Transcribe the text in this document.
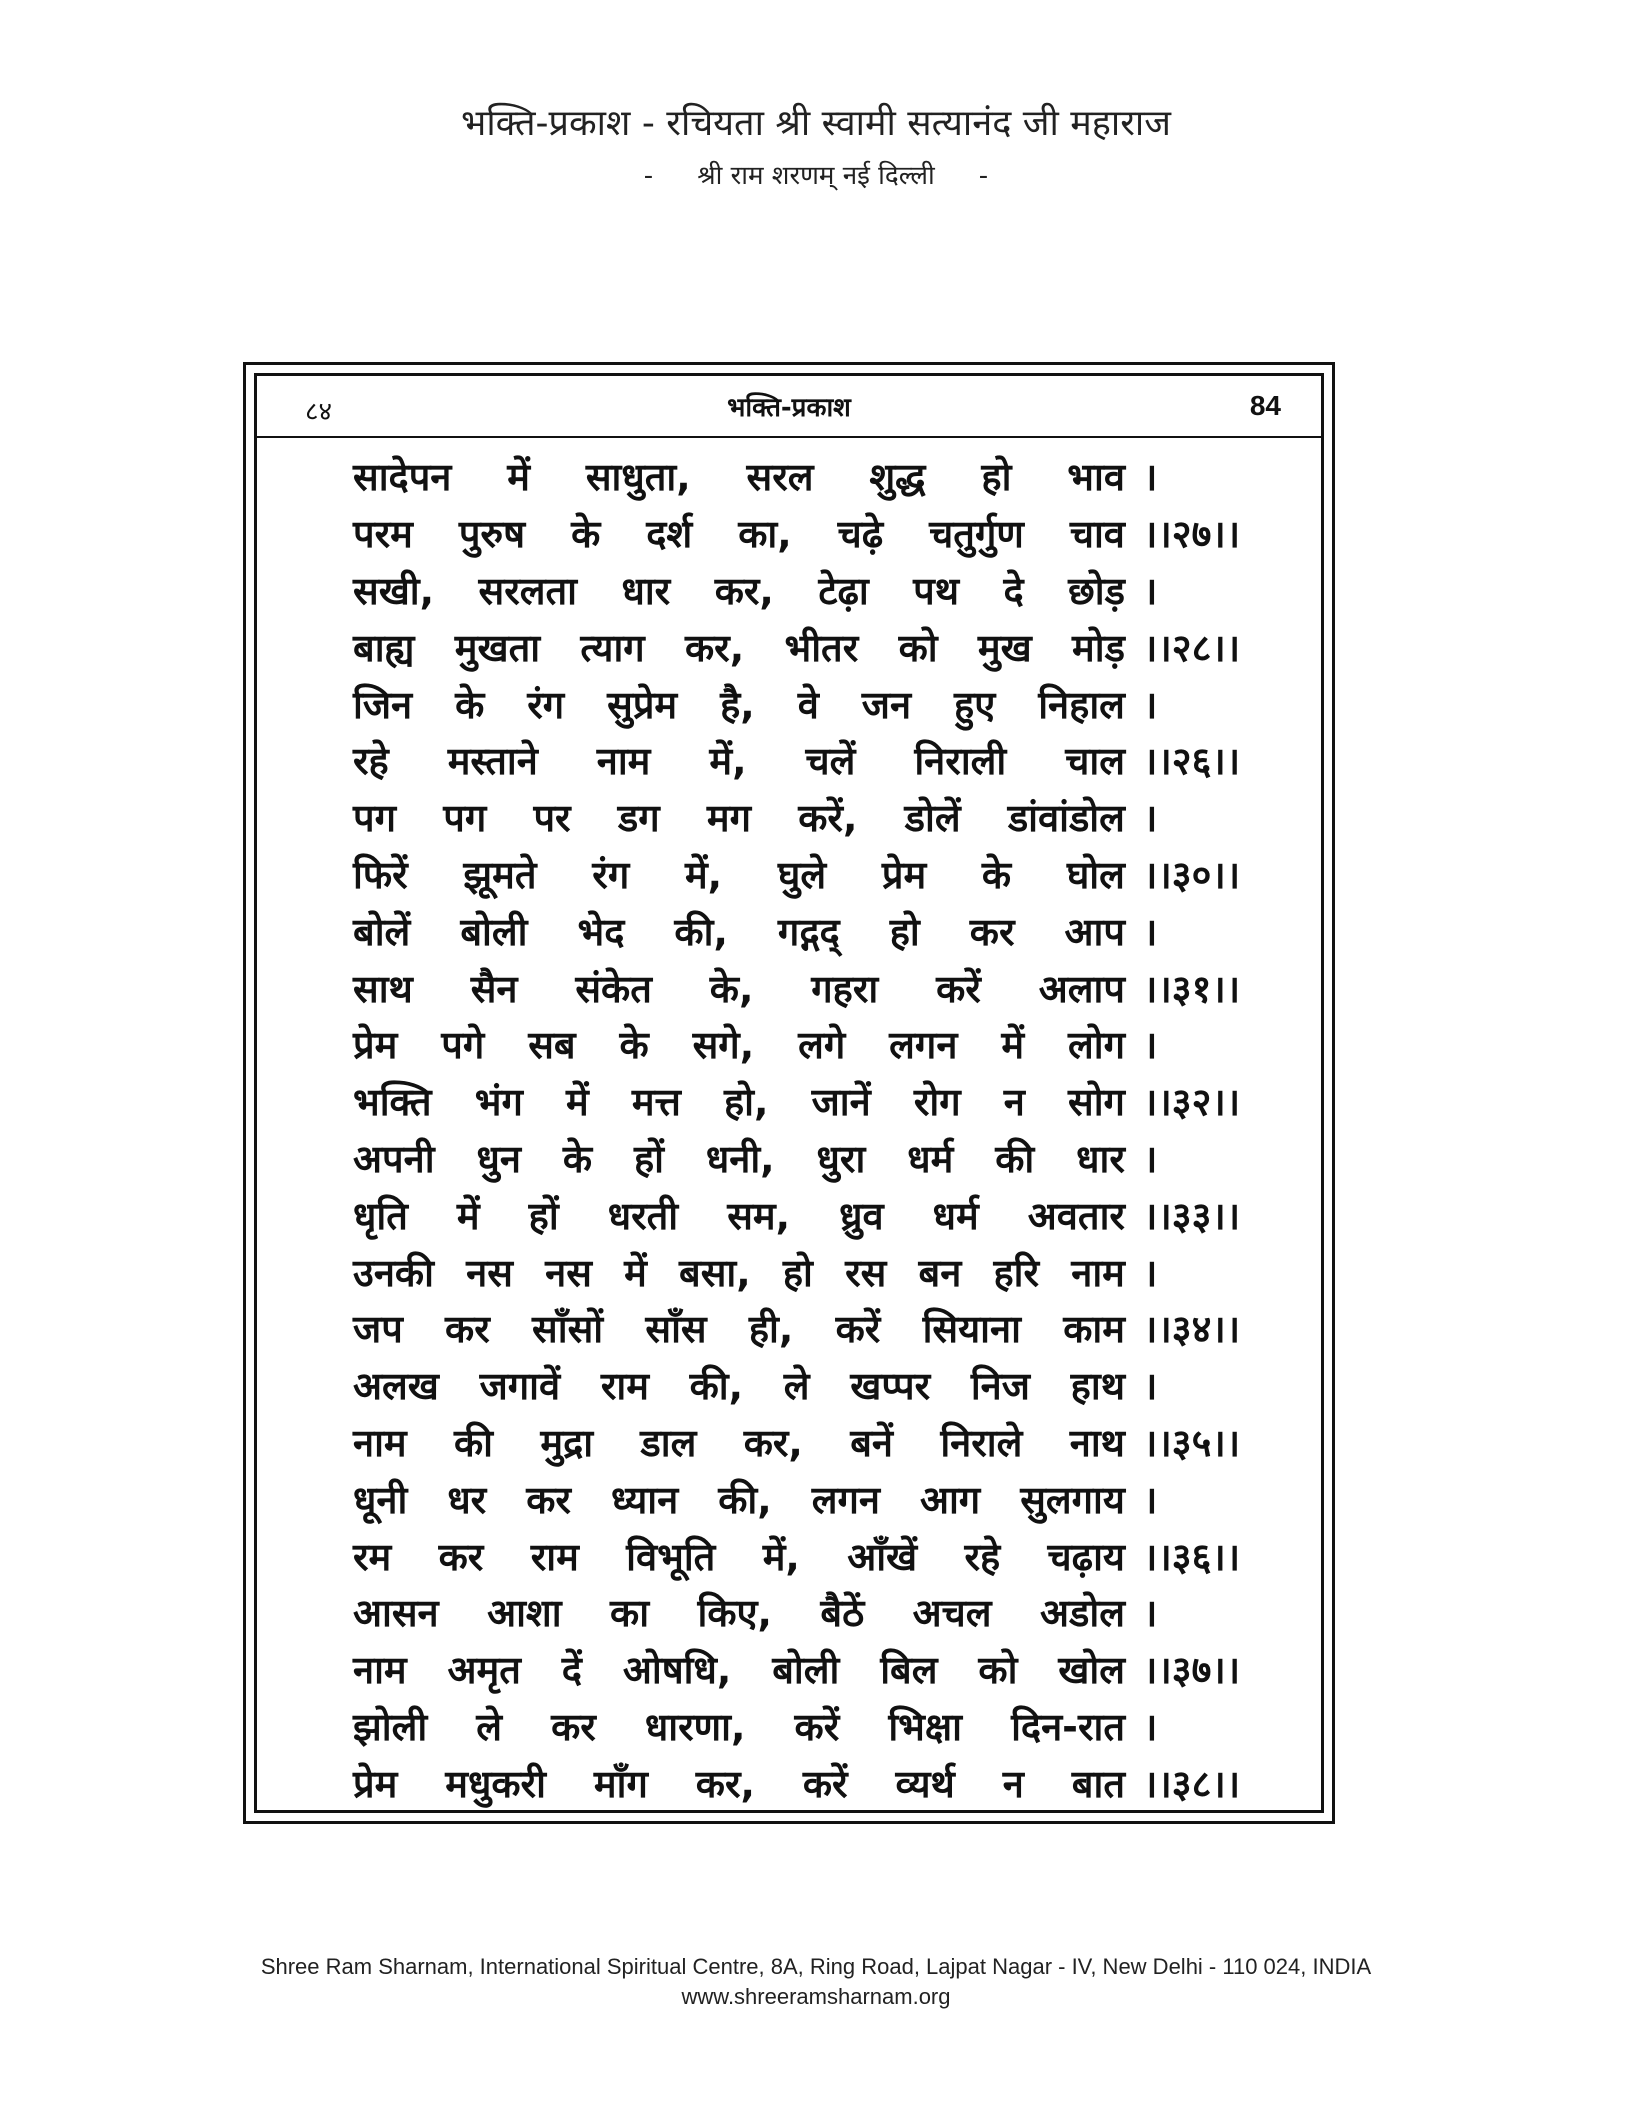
भक्ति-प्रकाश - रचियता श्री स्वामी सत्यानंद जी महाराज
- श्री राम शरणम् नई दिल्ली -
८४	भक्ति-प्रकाश	84
सादेपन में साधुता, सरल शुद्ध हो भाव ।
परम पुरुष के दर्श का, चढ़े चतुर्गुण चाव ।।२७।।
सखी, सरलता धार कर, टेढ़ा पथ दे छोड़ ।
बाह्य मुखता त्याग कर, भीतर को मुख मोड़ ।।२८।।
जिन के रंग सुप्रेम है, वे जन हुए निहाल ।
रहे मस्ताने नाम में, चलें निराली चाल ।।२६।।
पग पग पर डग मग करें, डोलें डांवांडोल ।
फिरें झूमते रंग में, घुले प्रेम के घोल ।।३०।।
बोलें बोली भेद की, गद्गद् हो कर आप ।
साथ सैन संकेत के, गहरा करें अलाप ।।३१।।
प्रेम पगे सब के सगे, लगे लगन में लोग ।
भक्ति भंग में मत्त हो, जानें रोग न सोग ।।३२।।
अपनी धुन के हों धनी, धुरा धर्म की धार ।
धृति में हों धरती सम, ध्रुव धर्म अवतार ।।३३।।
उनकी नस नस में बसा, हो रस बन हरि नाम ।
जप कर साँसों साँस ही, करें सियाना काम ।।३४।।
अलख जगावें राम की, ले खप्पर निज हाथ ।
नाम की मुद्रा डाल कर, बनें निराले नाथ ।।३५।।
धूनी धर कर ध्यान की, लगन आग सुलगाय ।
रम कर राम विभूति में, आँखें रहे चढ़ाय ।।३६।।
आसन आशा का किए, बैठें अचल अडोल ।
नाम अमृत दें ओषधि, बोली बिल को खोल ।।३७।।
झोली ले कर धारणा, करें भिक्षा दिन-रात ।
प्रेम मधुकरी माँग कर, करें व्यर्थ न बात ।।३८।।
Shree Ram Sharnam, International Spiritual Centre, 8A, Ring Road, Lajpat Nagar - IV, New Delhi - 110 024, INDIA
www.shreeramsharnam.org
